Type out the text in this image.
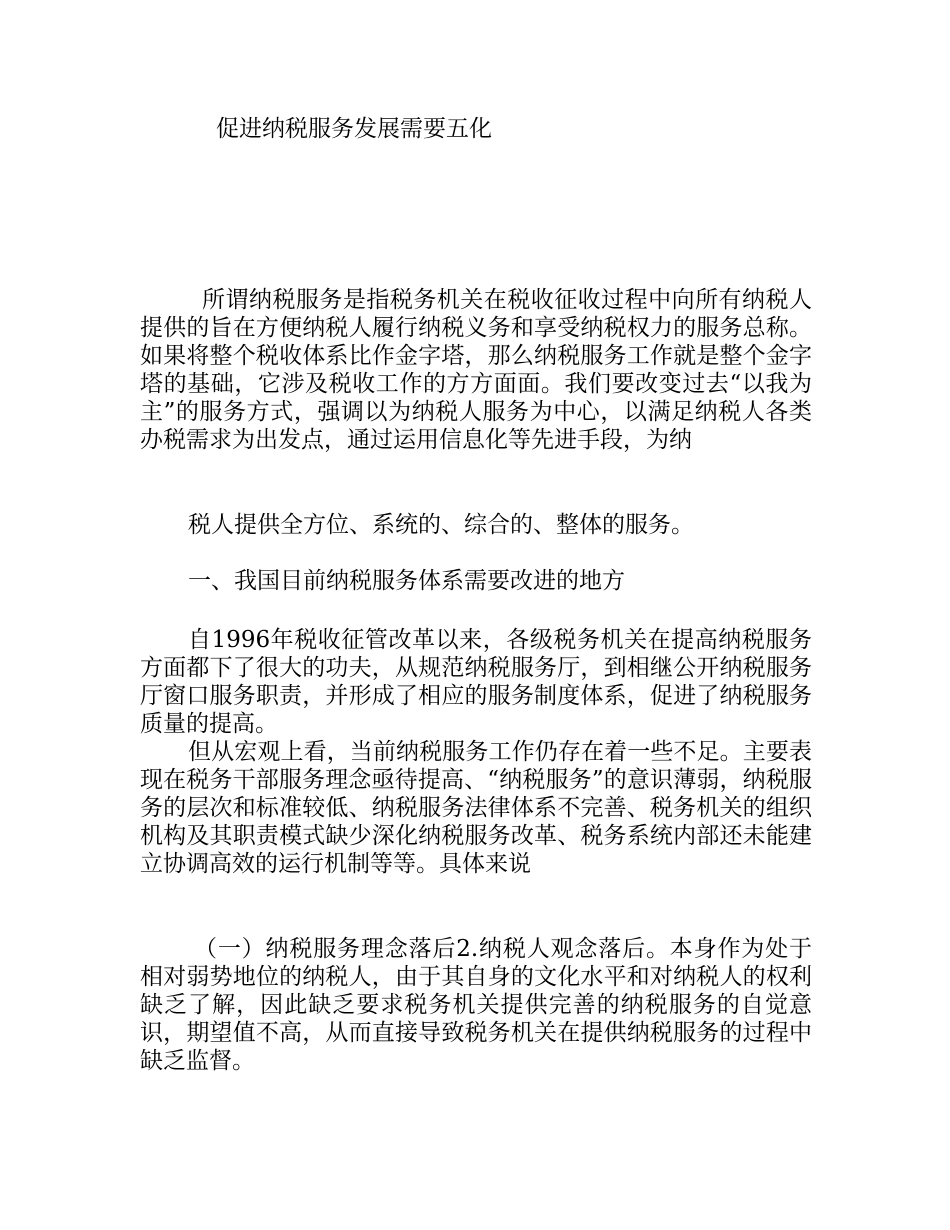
促进纳税服务发展需要五化

所谓纳税服务是指税务机关在税收征收过程中向所有纳税人提供的旨在方便纳税人履行纳税义务和享受纳税权力的服务总称。如果将整个税收体系比作金字塔，那么纳税服务工作就是整个金字塔的基础，它涉及税收工作的方方面面。我们要改变过去“以我为主”的服务方式，强调以为纳税人服务为中心，以满足纳税人各类办税需求为出发点，通过运用信息化等先进手段，为纳

税人提供全方位、系统的、综合的、整体的服务。

一、我国目前纳税服务体系需要改进的地方

自1996年税收征管改革以来，各级税务机关在提高纳税服务方面都下了很大的功夫，从规范纳税服务厅，到相继公开纳税服务厅窗口服务职责，并形成了相应的服务制度体系，促进了纳税服务质量的提高。

但从宏观上看，当前纳税服务工作仍存在着一些不足。主要表现在税务干部服务理念亟待提高、“纳税服务”的意识薄弱，纳税服务的层次和标准较低、纳税服务法律体系不完善、税务机关的组织机构及其职责模式缺少深化纳税服务改革、税务系统内部还未能建立协调高效的运行机制等等。具体来说

（一）纳税服务理念落后2.纳税人观念落后。本身作为处于相对弱势地位的纳税人，由于其自身的文化水平和对纳税人的权利缺乏了解，因此缺乏要求税务机关提供完善的纳税服务的自觉意识，期望值不高，从而直接导致税务机关在提供纳税服务的过程中缺乏监督。
